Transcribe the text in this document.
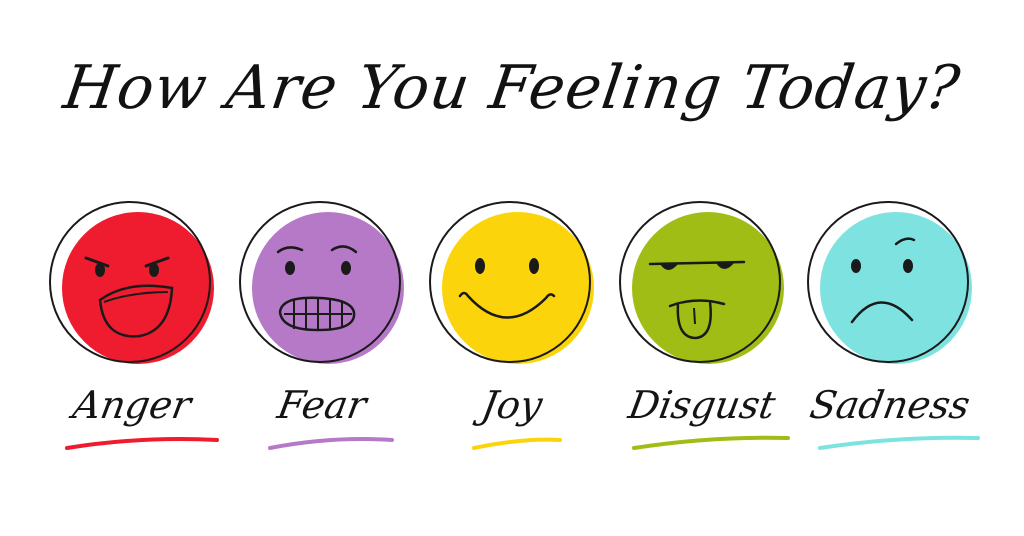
How Are You Feeling Today?
Anger	Fear	Joy	Disgust Sadness
